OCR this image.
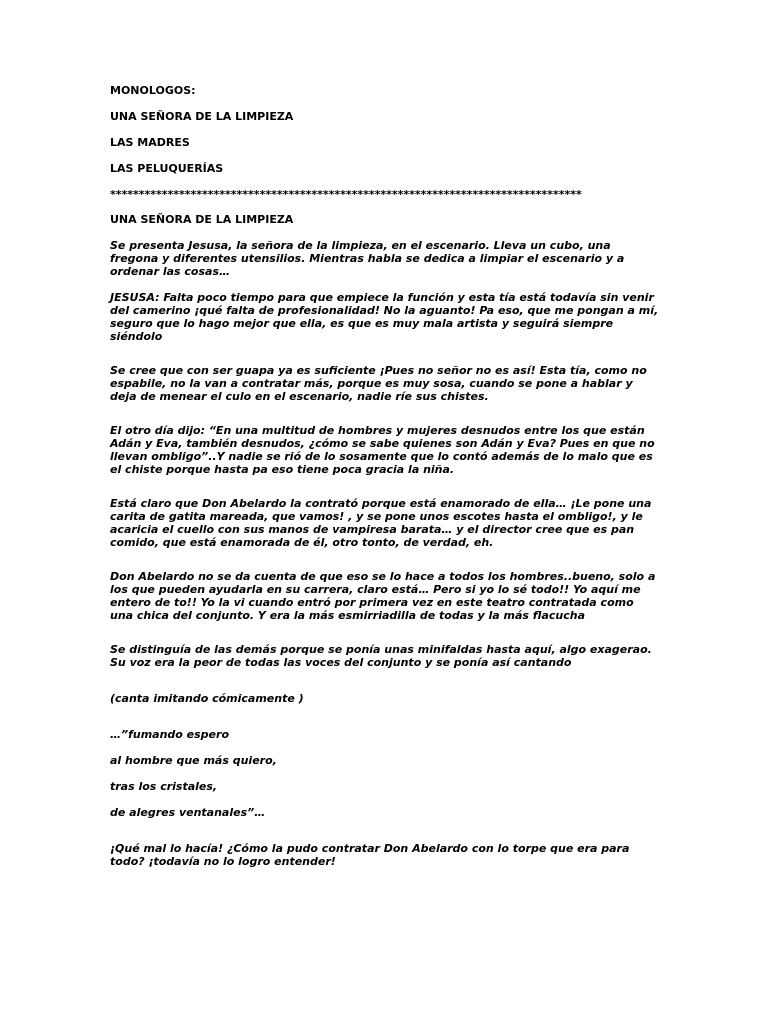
MONOLOGOS:

UNA SEÑORA DE LA LIMPIEZA

LAS MADRES

LAS PELUQUERÍAS

**********************************************************************************

UNA SEÑORA DE LA LIMPIEZA

Se presenta Jesusa, la señora de la limpieza, en el escenario. Lleva un cubo, una fregona y diferentes utensilios. Mientras habla se dedica a limpiar el escenario y a ordenar las cosas…

JESUSA: Falta poco tiempo para que empiece la función y esta tía está todavía sin venir del camerino ¡qué falta de profesionalidad! No la aguanto! Pa eso, que me pongan a mí, seguro que lo hago mejor que ella, es que es muy mala artista y seguirá siempre siéndolo

Se cree que con ser guapa ya es suficiente ¡Pues no señor no es así! Esta tía, como no espabile, no la van a contratar más, porque es muy sosa, cuando se pone a hablar y deja de menear el culo en el escenario, nadie ríe sus chistes.

El otro día dijo: “En una multitud de hombres y mujeres desnudos entre los que están Adán y Eva, también desnudos, ¿cómo se sabe quienes son Adán y Eva? Pues en que no llevan ombligo”..Y nadie se rió de lo sosamente que lo contó además de lo malo que es el chiste porque hasta pa eso tiene poca gracia la niña.

Está claro que Don Abelardo la contrató porque está enamorado de ella… ¡Le pone una carita de gatita mareada, que vamos! , y se pone unos escotes hasta el ombligo!, y le acaricia el cuello con sus manos de vampiresa barata… y el director cree que es pan comido, que está enamorada de él, otro tonto, de verdad, eh.

Don Abelardo no se da cuenta de que eso se lo hace a todos los hombres..bueno, solo a los que pueden ayudarla en su carrera, claro está… Pero si yo lo sé todo!! Yo aquí me entero de to!! Yo la vi cuando entró por primera vez en este teatro contratada como una chica del conjunto. Y era la más esmirriadilla de todas y la más flacucha

Se distinguía de las demás porque se ponía unas minifaldas hasta aquí, algo exagerao. Su voz era la peor de todas las voces del conjunto y se ponía así cantando

(canta imitando cómicamente )

…”fumando espero

al hombre que más quiero,

tras los cristales,

de alegres ventanales”…

¡Qué mal lo hacía! ¿Cómo la pudo contratar Don Abelardo con lo torpe que era para todo? ¡todavía no lo logro entender!
